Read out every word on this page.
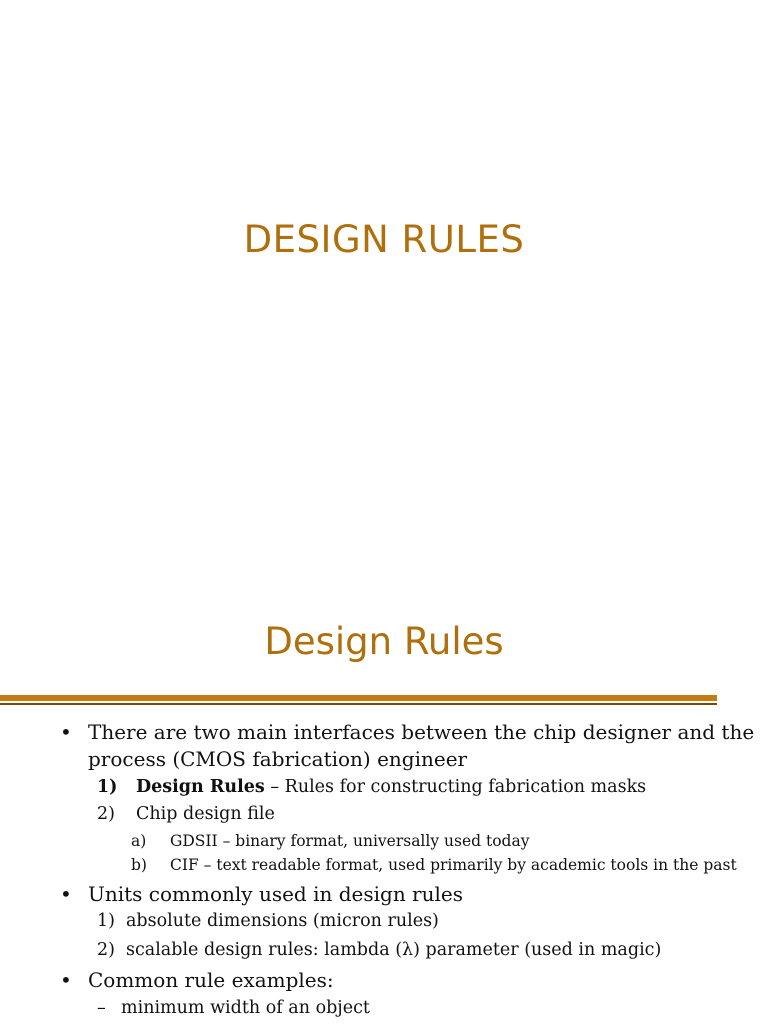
DESIGN RULES
Design Rules
• There are two main interfaces between the chip designer and the
process (CMOS fabrication) engineer
1) Design Rules – Rules for constructing fabrication masks
2) Chip design file
a) GDSII – binary format, universally used today
b) CIF – text readable format, used primarily by academic tools in the past
• Units commonly used in design rules
1) absolute dimensions (micron rules)
2) scalable design rules: lambda (λ) parameter (used in magic)
• Common rule examples:
– minimum width of an object
